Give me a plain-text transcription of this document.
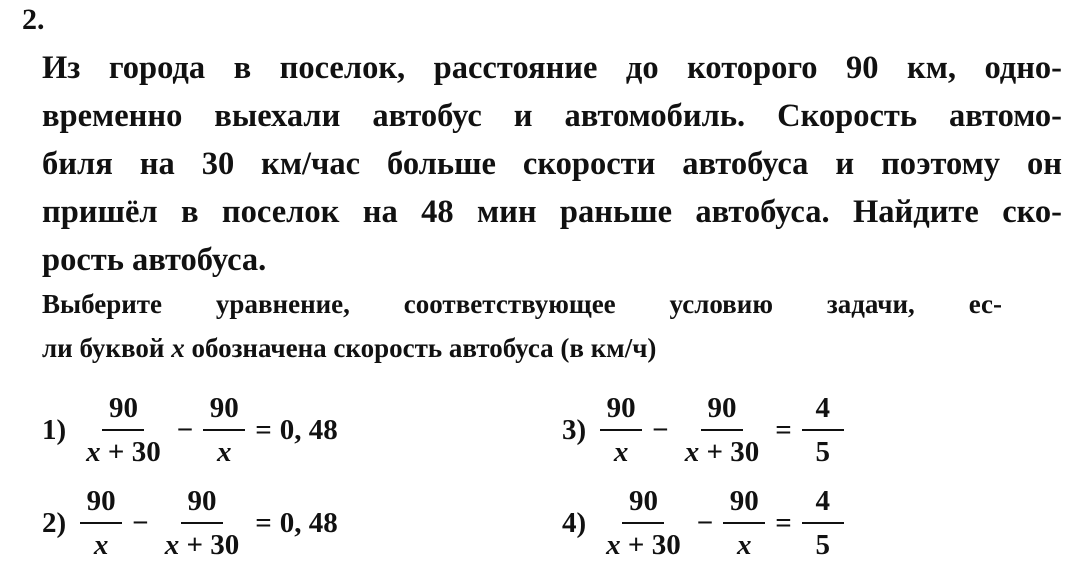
2.
Из города в поселок, расстояние до которого 90 км, одно-
временно выехали автобус и автомобиль. Скорость автомо-
биля на 30 км/час больше скорости автобуса и поэтому он
пришёл в поселок на 48 мин раньше автобуса. Найдите ско-
рость автобуса.
Выберите уравнение, соответствующее условию задачи, ес-
ли буквой x обозначена скорость автобуса (в км/ч)
$1) \frac{90}{x + 30} - \frac{90}{x} = 0$, 48
$2) \frac{90}{x} - \frac{90}{x + 30} = 0$, 48
$3) \frac{90}{x} - \frac{90}{x + 30} = \frac{4}{5}$
$4) \frac{90}{x + 30} - \frac{90}{x} = \frac{4}{5}$
